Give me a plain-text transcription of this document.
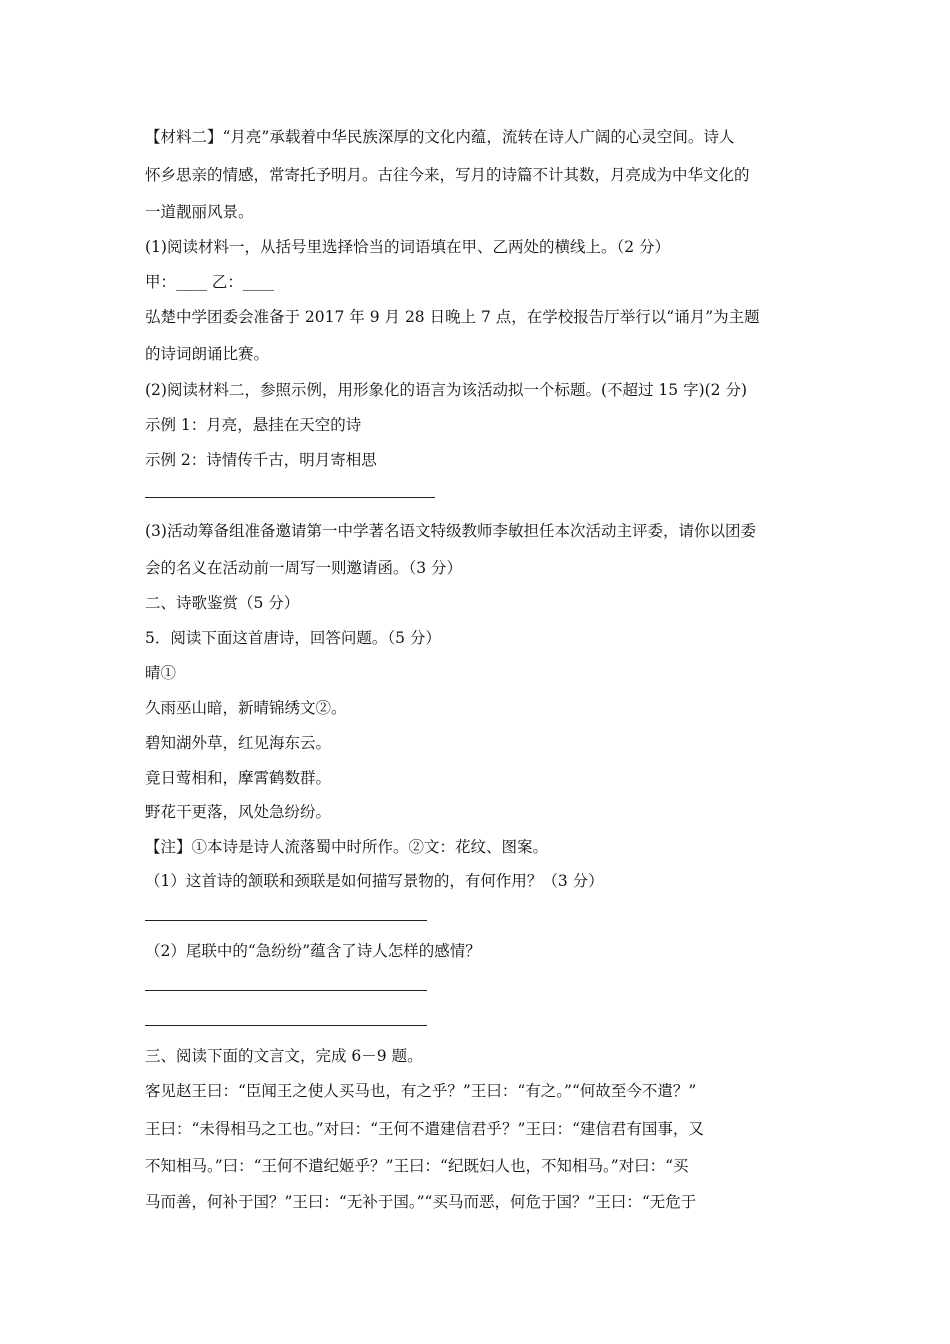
【材料二】“月亮”承载着中华民族深厚的文化内蕴，流转在诗人广阔的心灵空间。诗人
怀乡思亲的情感，常寄托予明月。古往今来，写月的诗篇不计其数，月亮成为中华文化的
一道靓丽风景。
(1)阅读材料一，从括号里选择恰当的词语填在甲、乙两处的横线上。（2 分）
甲：____ 乙：____
弘楚中学团委会准备于 2017 年 9 月 28 日晚上 7 点，在学校报告厅举行以“诵月”为主题
的诗词朗诵比赛。
(2)阅读材料二，参照示例，用形象化的语言为该活动拟一个标题。(不超过 15 字)(2 分)
示例 1：月亮，悬挂在天空的诗
示例 2：诗情传千古，明月寄相思
(3)活动筹备组准备邀请第一中学著名语文特级教师李敏担任本次活动主评委，请你以团委
会的名义在活动前一周写一则邀请函。（3 分）
二、诗歌鉴赏（5 分）
5．阅读下面这首唐诗，回答问题。（5 分）
晴①
久雨巫山暗，新晴锦绣文②。
碧知湖外草，红见海东云。
竟日莺相和，摩霄鹤数群。
野花干更落，风处急纷纷。
【注】①本诗是诗人流落蜀中时所作。②文：花纹、图案。
（1）这首诗的颔联和颈联是如何描写景物的，有何作用？（3 分）
（2）尾联中的“急纷纷”蕴含了诗人怎样的感情？
三、阅读下面的文言文，完成 6－9 题。
客见赵王曰：“臣闻王之使人买马也，有之乎？”王曰：“有之。”“何故至今不遣？”
王曰：“未得相马之工也。”对曰：“王何不遣建信君乎？”王曰：“建信君有国事，又
不知相马。”曰：“王何不遣纪姬乎？”王曰：“纪既妇人也，不知相马。”对曰：“买
马而善，何补于国？”王曰：“无补于国。”“买马而恶，何危于国？”王曰：“无危于
